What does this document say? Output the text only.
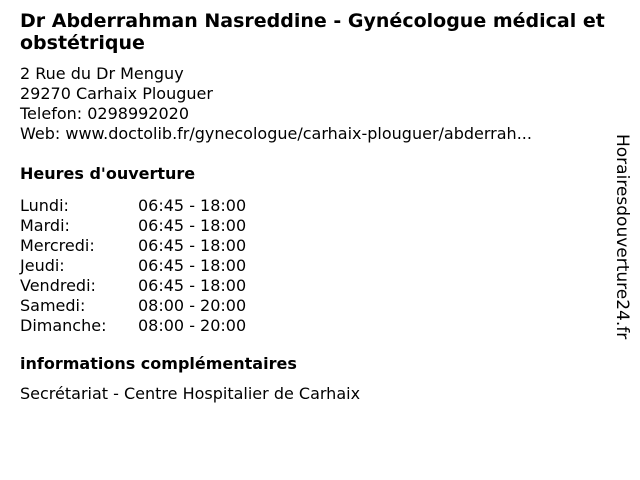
Dr Abderrahman Nasreddine - Gynécologue médical et obstétrique
2 Rue du Dr Menguy
29270 Carhaix Plouguer
Telefon: 0298992020
Web: www.doctolib.fr/gynecologue/carhaix-plouguer/abderrah...
Heures d'ouverture
Lundi:	06:45 - 18:00
Mardi:	06:45 - 18:00
Mercredi:	06:45 - 18:00
Jeudi:	06:45 - 18:00
Vendredi:	06:45 - 18:00
Samedi:	08:00 - 20:00
Dimanche:	08:00 - 20:00
informations complémentaires
Secrétariat - Centre Hospitalier de Carhaix
Horairesdouverture24.fr
